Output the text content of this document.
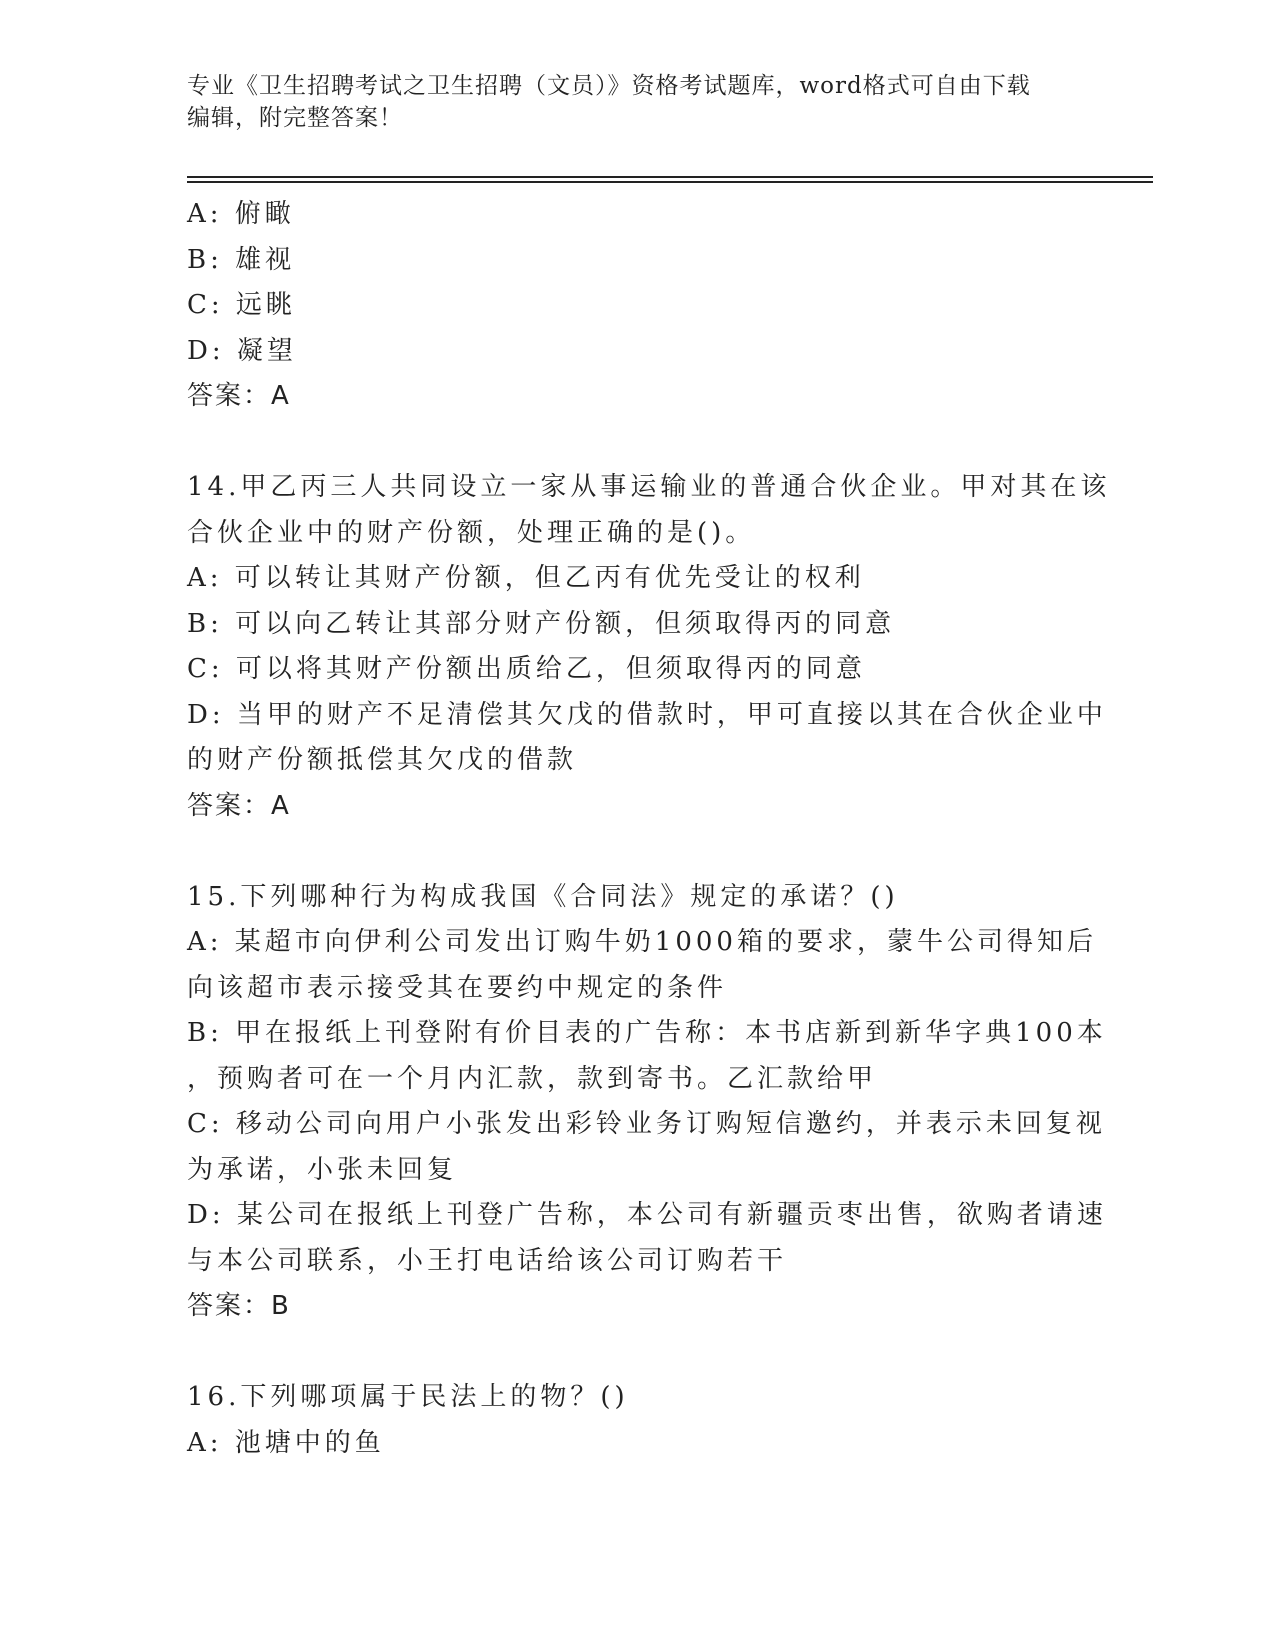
专业《卫生招聘考试之卫生招聘（文员）》资格考试题库，word格式可自由下载
编辑，附完整答案！
A: 俯瞰
B: 雄视
C: 远眺
D: 凝望
答案：A
14.甲乙丙三人共同设立一家从事运输业的普通合伙企业。甲对其在该
合伙企业中的财产份额，处理正确的是()。
A: 可以转让其财产份额，但乙丙有优先受让的权利
B: 可以向乙转让其部分财产份额，但须取得丙的同意
C: 可以将其财产份额出质给乙，但须取得丙的同意
D: 当甲的财产不足清偿其欠戊的借款时，甲可直接以其在合伙企业中
的财产份额抵偿其欠戊的借款
答案：A
15.下列哪种行为构成我国《合同法》规定的承诺？()
A: 某超市向伊利公司发出订购牛奶1000箱的要求，蒙牛公司得知后
向该超市表示接受其在要约中规定的条件
B: 甲在报纸上刊登附有价目表的广告称：本书店新到新华字典100本
，预购者可在一个月内汇款，款到寄书。乙汇款给甲
C: 移动公司向用户小张发出彩铃业务订购短信邀约，并表示未回复视
为承诺，小张未回复
D: 某公司在报纸上刊登广告称，本公司有新疆贡枣出售，欲购者请速
与本公司联系，小王打电话给该公司订购若干
答案：B
16.下列哪项属于民法上的物？()
A: 池塘中的鱼
